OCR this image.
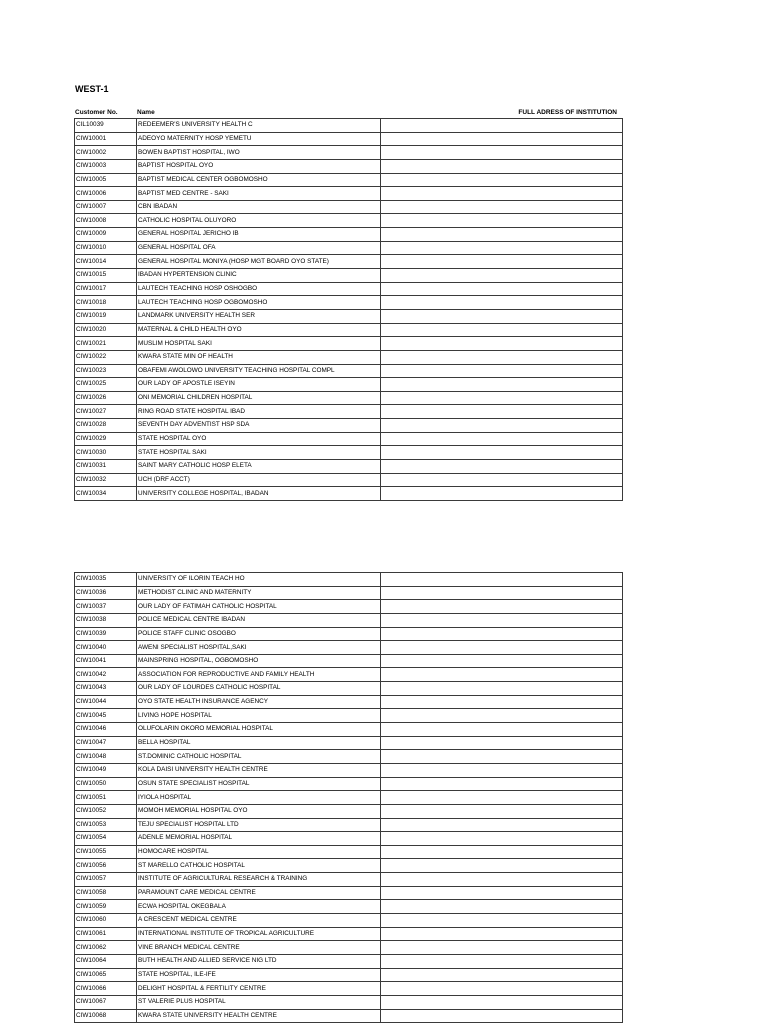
WEST-1
Customer No.	Name	FULL ADRESS OF INSTITUTION
CIL10039	REDEEMER'S UNIVERSITY HEALTH C	
CIW10001	ADEOYO MATERNITY HOSP YEMETU	
CIW10002	BOWEN BAPTIST HOSPITAL, IWO	
CIW10003	BAPTIST HOSPITAL OYO	
CIW10005	BAPTIST MEDICAL CENTER OGBOMOSHO	
CIW10006	BAPTIST MED CENTRE - SAKI	
CIW10007	CBN IBADAN	
CIW10008	CATHOLIC HOSPITAL OLUYORO	
CIW10009	GENERAL HOSPITAL JERICHO IB	
CIW10010	GENERAL HOSPITAL OFA	
CIW10014	GENERAL HOSPITAL MONIYA (HOSP MGT BOARD OYO STATE)	
CIW10015	IBADAN HYPERTENSION CLINIC	
CIW10017	LAUTECH TEACHING HOSP OSHOGBO	
CIW10018	LAUTECH TEACHING HOSP OGBOMOSHO	
CIW10019	LANDMARK UNIVERSITY HEALTH SER	
CIW10020	MATERNAL & CHILD HEALTH OYO	
CIW10021	MUSLIM HOSPITAL SAKI	
CIW10022	KWARA STATE MIN OF HEALTH	
CIW10023	OBAFEMI AWOLOWO UNIVERSITY TEACHING HOSPITAL COMPL	
CIW10025	OUR LADY OF APOSTLE ISEYIN	
CIW10026	ONI MEMORIAL CHILDREN HOSPITAL	
CIW10027	RING ROAD STATE HOSPITAL IBAD	
CIW10028	SEVENTH DAY ADVENTIST HSP SDA	
CIW10029	STATE HOSPITAL OYO	
CIW10030	STATE HOSPITAL SAKI	
CIW10031	SAINT MARY CATHOLIC HOSP ELETA	
CIW10032	UCH (DRF ACCT)	
CIW10034	UNIVERSITY COLLEGE HOSPITAL, IBADAN	
CIW10035	UNIVERSITY OF ILORIN TEACH HO	
CIW10036	METHODIST CLINIC AND MATERNITY	
CIW10037	OUR LADY OF FATIMAH CATHOLIC HOSPITAL	
CIW10038	POLICE MEDICAL CENTRE IBADAN	
CIW10039	POLICE STAFF CLINIC OSOGBO	
CIW10040	AWENI SPECIALIST HOSPITAL,SAKI	
CIW10041	MAINSPRING HOSPITAL, OGBOMOSHO	
CIW10042	ASSOCIATION FOR REPRODUCTIVE AND FAMILY HEALTH	
CIW10043	OUR LADY OF LOURDES CATHOLIC HOSPITAL	
CIW10044	OYO STATE HEALTH INSURANCE AGENCY	
CIW10045	LIVING HOPE HOSPITAL	
CIW10046	OLUFOLARIN OKORO MEMORIAL HOSPITAL	
CIW10047	BELLA HOSPITAL	
CIW10048	ST.DOMINIC CATHOLIC HOSPITAL	
CIW10049	KOLA DAISI UNIVERSITY HEALTH CENTRE	
CIW10050	OSUN STATE SPECIALIST HOSPITAL	
CIW10051	IYIOLA HOSPITAL	
CIW10052	MOMOH MEMORIAL HOSPITAL OYO	
CIW10053	TEJU SPECIALIST HOSPITAL LTD	
CIW10054	ADENLE MEMORIAL HOSPITAL	
CIW10055	HOMOCARE HOSPITAL	
CIW10056	ST MARELLO CATHOLIC HOSPITAL	
CIW10057	INSTITUTE OF AGRICULTURAL RESEARCH & TRAINING	
CIW10058	PARAMOUNT CARE MEDICAL CENTRE	
CIW10059	ECWA HOSPITAL OKEGBALA	
CIW10060	A CRESCENT MEDICAL CENTRE	
CIW10061	INTERNATIONAL INSTITUTE OF TROPICAL AGRICULTURE	
CIW10062	VINE BRANCH MEDICAL CENTRE	
CIW10064	BUTH HEALTH AND ALLIED SERVICE NIG LTD	
CIW10065	STATE HOSPITAL, ILE-IFE	
CIW10066	DELIGHT HOSPITAL & FERTILITY CENTRE	
CIW10067	ST VALERIE PLUS HOSPITAL	
CIW10068	KWARA STATE UNIVERSITY HEALTH CENTRE	
